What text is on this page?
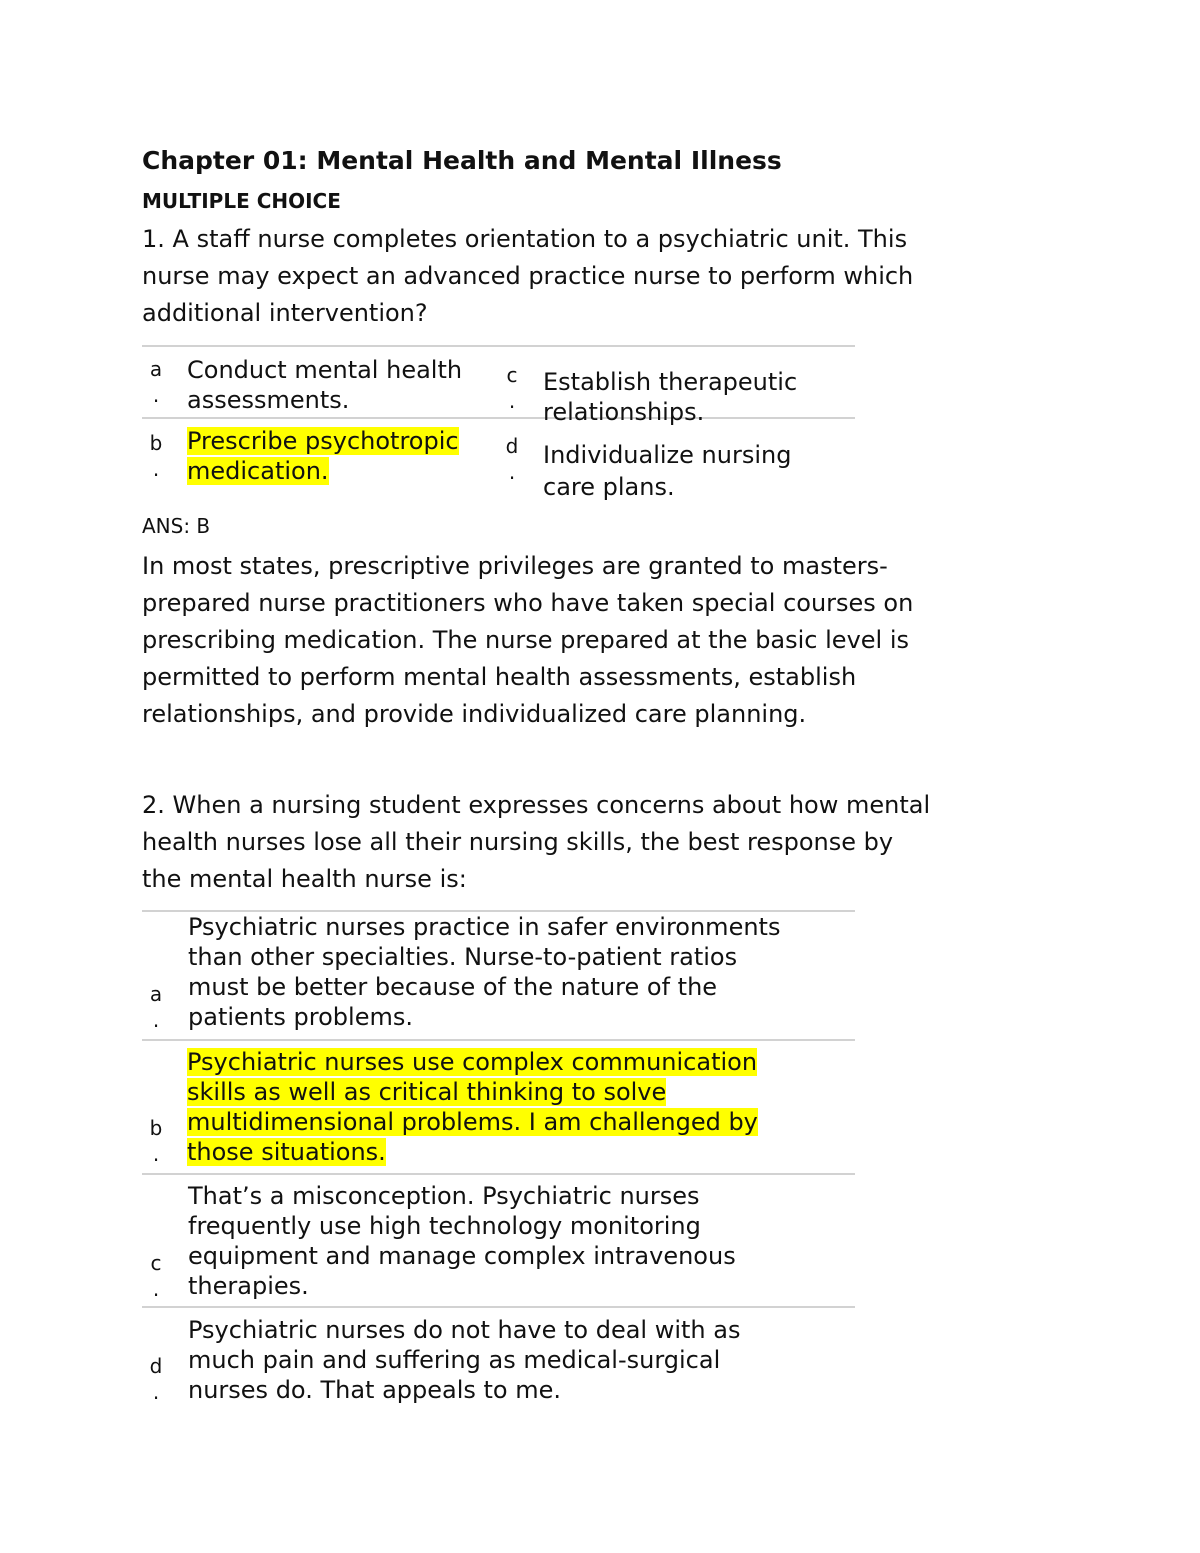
Chapter 01: Mental Health and Mental Illness
MULTIPLE CHOICE
1. A staff nurse completes orientation to a psychiatric unit. This
nurse may expect an advanced practice nurse to perform which
additional intervention?
a
.
Conduct mental health assessments.
c
.
Establish therapeutic relationships.
b
.
Prescribe psychotropic medication.
d
.
Individualize nursing care plans.
ANS: B
In most states, prescriptive privileges are granted to masters-
prepared nurse practitioners who have taken special courses on
prescribing medication. The nurse prepared at the basic level is
permitted to perform mental health assessments, establish
relationships, and provide individualized care planning.
2. When a nursing student expresses concerns about how mental
health nurses lose all their nursing skills, the best response by
the mental health nurse is:
a
.
Psychiatric nurses practice in safer environments
than other specialties. Nurse-to-patient ratios
must be better because of the nature of the
patients problems.
b
.
Psychiatric nurses use complex communication
skills as well as critical thinking to solve
multidimensional problems. I am challenged by
those situations.
c
.
That’s a misconception. Psychiatric nurses
frequently use high technology monitoring
equipment and manage complex intravenous
therapies.
d
.
Psychiatric nurses do not have to deal with as
much pain and suffering as medical-surgical
nurses do. That appeals to me.
